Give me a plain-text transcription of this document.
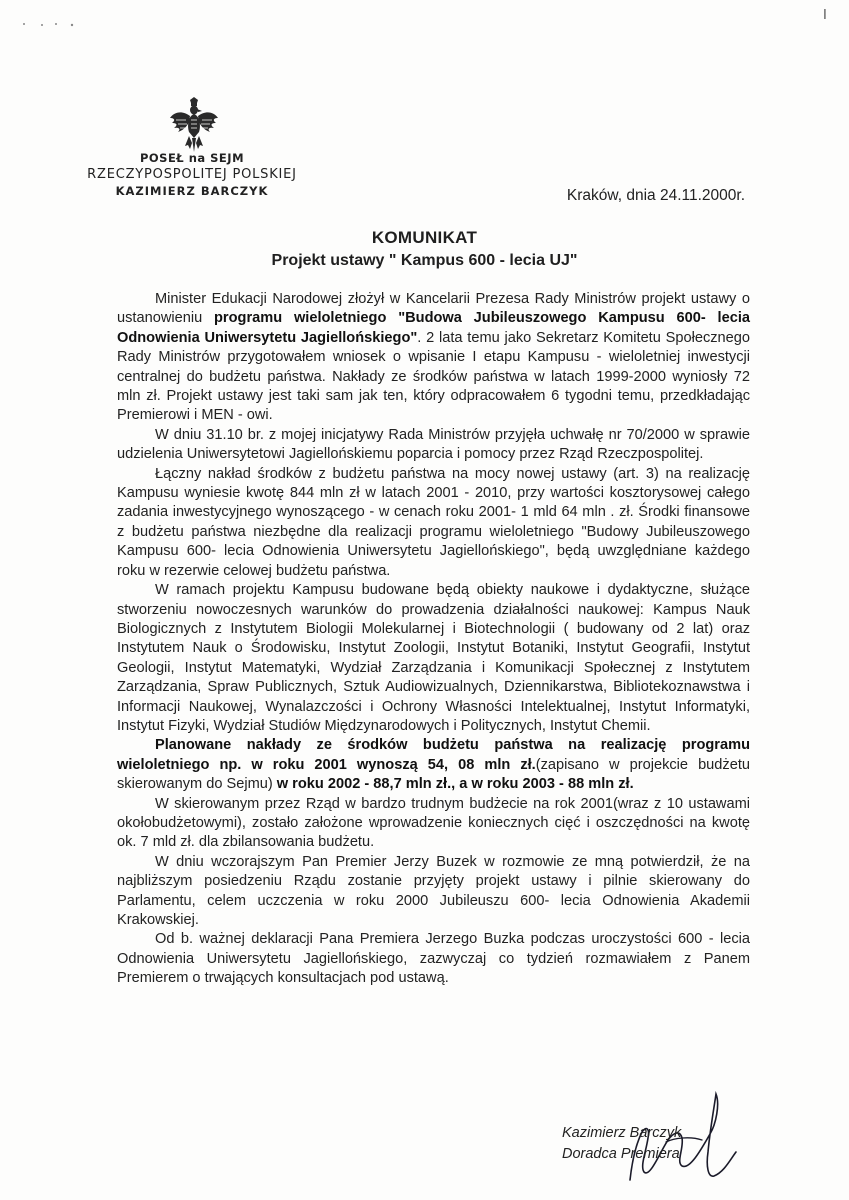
I
POSEŁ na SEJM
RZECZYPOSPOLITEJ POLSKIEJ
KAZIMIERZ BARCZYK	Kraków, dnia 24.11.2000r.
KOMUNIKAT
Projekt ustawy " Kampus 600 - lecia UJ"

Minister Edukacji Narodowej złożył w Kancelarii Prezesa Rady Ministrów projekt ustawy o ustanowieniu programu wieloletniego "Budowa Jubileuszowego Kampusu 600- lecia Odnowienia Uniwersytetu Jagiellońskiego". 2 lata temu jako Sekretarz Komitetu Społecznego Rady Ministrów przygotowałem wniosek o wpisanie I etapu Kampusu - wieloletniej inwestycji centralnej do budżetu państwa. Nakłady ze środków państwa w latach 1999-2000 wyniosły 72 mln zł. Projekt ustawy jest taki sam jak ten, który odpracowałem 6 tygodni temu, przedkładając Premierowi i MEN - owi.

W dniu 31.10 br. z mojej inicjatywy Rada Ministrów przyjęła uchwałę nr 70/2000 w sprawie udzielenia Uniwersytetowi Jagiellońskiemu poparcia i pomocy przez Rząd Rzeczpospolitej.

Łączny nakład środków z budżetu państwa na mocy nowej ustawy (art. 3) na realizację Kampusu wyniesie kwotę 844 mln zł w latach 2001 - 2010, przy wartości kosztorysowej całego zadania inwestycyjnego wynoszącego - w cenach roku 2001- 1 mld 64 mln . zł. Środki finansowe z budżetu państwa niezbędne dla realizacji programu wieloletniego "Budowy Jubileuszowego Kampusu 600- lecia Odnowienia Uniwersytetu Jagiellońskiego", będą uwzględniane każdego roku w rezerwie celowej budżetu państwa.

W ramach projektu Kampusu budowane będą obiekty naukowe i dydaktyczne, służące stworzeniu nowoczesnych warunków do prowadzenia działalności naukowej: Kampus Nauk Biologicznych z Instytutem Biologii Molekularnej i Biotechnologii ( budowany od 2 lat) oraz Instytutem Nauk o Środowisku, Instytut Zoologii, Instytut Botaniki, Instytut Geografii, Instytut Geologii, Instytut Matematyki, Wydział Zarządzania i Komunikacji Społecznej z Instytutem Zarządzania, Spraw Publicznych, Sztuk Audiowizualnych, Dziennikarstwa, Bibliotekoznawstwa i Informacji Naukowej, Wynalazczości i Ochrony Własności Intelektualnej, Instytut Informatyki, Instytut Fizyki, Wydział Studiów Międzynarodowych i Politycznych, Instytut Chemii.

Planowane nakłady ze środków budżetu państwa na realizację programu wieloletniego np. w roku 2001 wynoszą 54, 08 mln zł.(zapisano w projekcie budżetu skierowanym do Sejmu) w roku 2002 - 88,7 mln zł., a w roku 2003 - 88 mln zł.

W skierowanym przez Rząd w bardzo trudnym budżecie na rok 2001(wraz z 10 ustawami okołobudżetowymi), zostało założone wprowadzenie koniecznych cięć i oszczędności na kwotę ok. 7 mld zł. dla zbilansowania budżetu.

W dniu wczorajszym Pan Premier Jerzy Buzek w rozmowie ze mną potwierdził, że na najbliższym posiedzeniu Rządu zostanie przyjęty projekt ustawy i pilnie skierowany do Parlamentu, celem uczczenia w roku 2000 Jubileuszu 600- lecia Odnowienia Akademii Krakowskiej.

Od b. ważnej deklaracji Pana Premiera Jerzego Buzka podczas uroczystości 600 - lecia Odnowienia Uniwersytetu Jagiellońskiego, zazwyczaj co tydzień rozmawiałem z Panem Premierem o trwających konsultacjach pod ustawą.

Kazimierz Barczyk
Doradca Premiera
